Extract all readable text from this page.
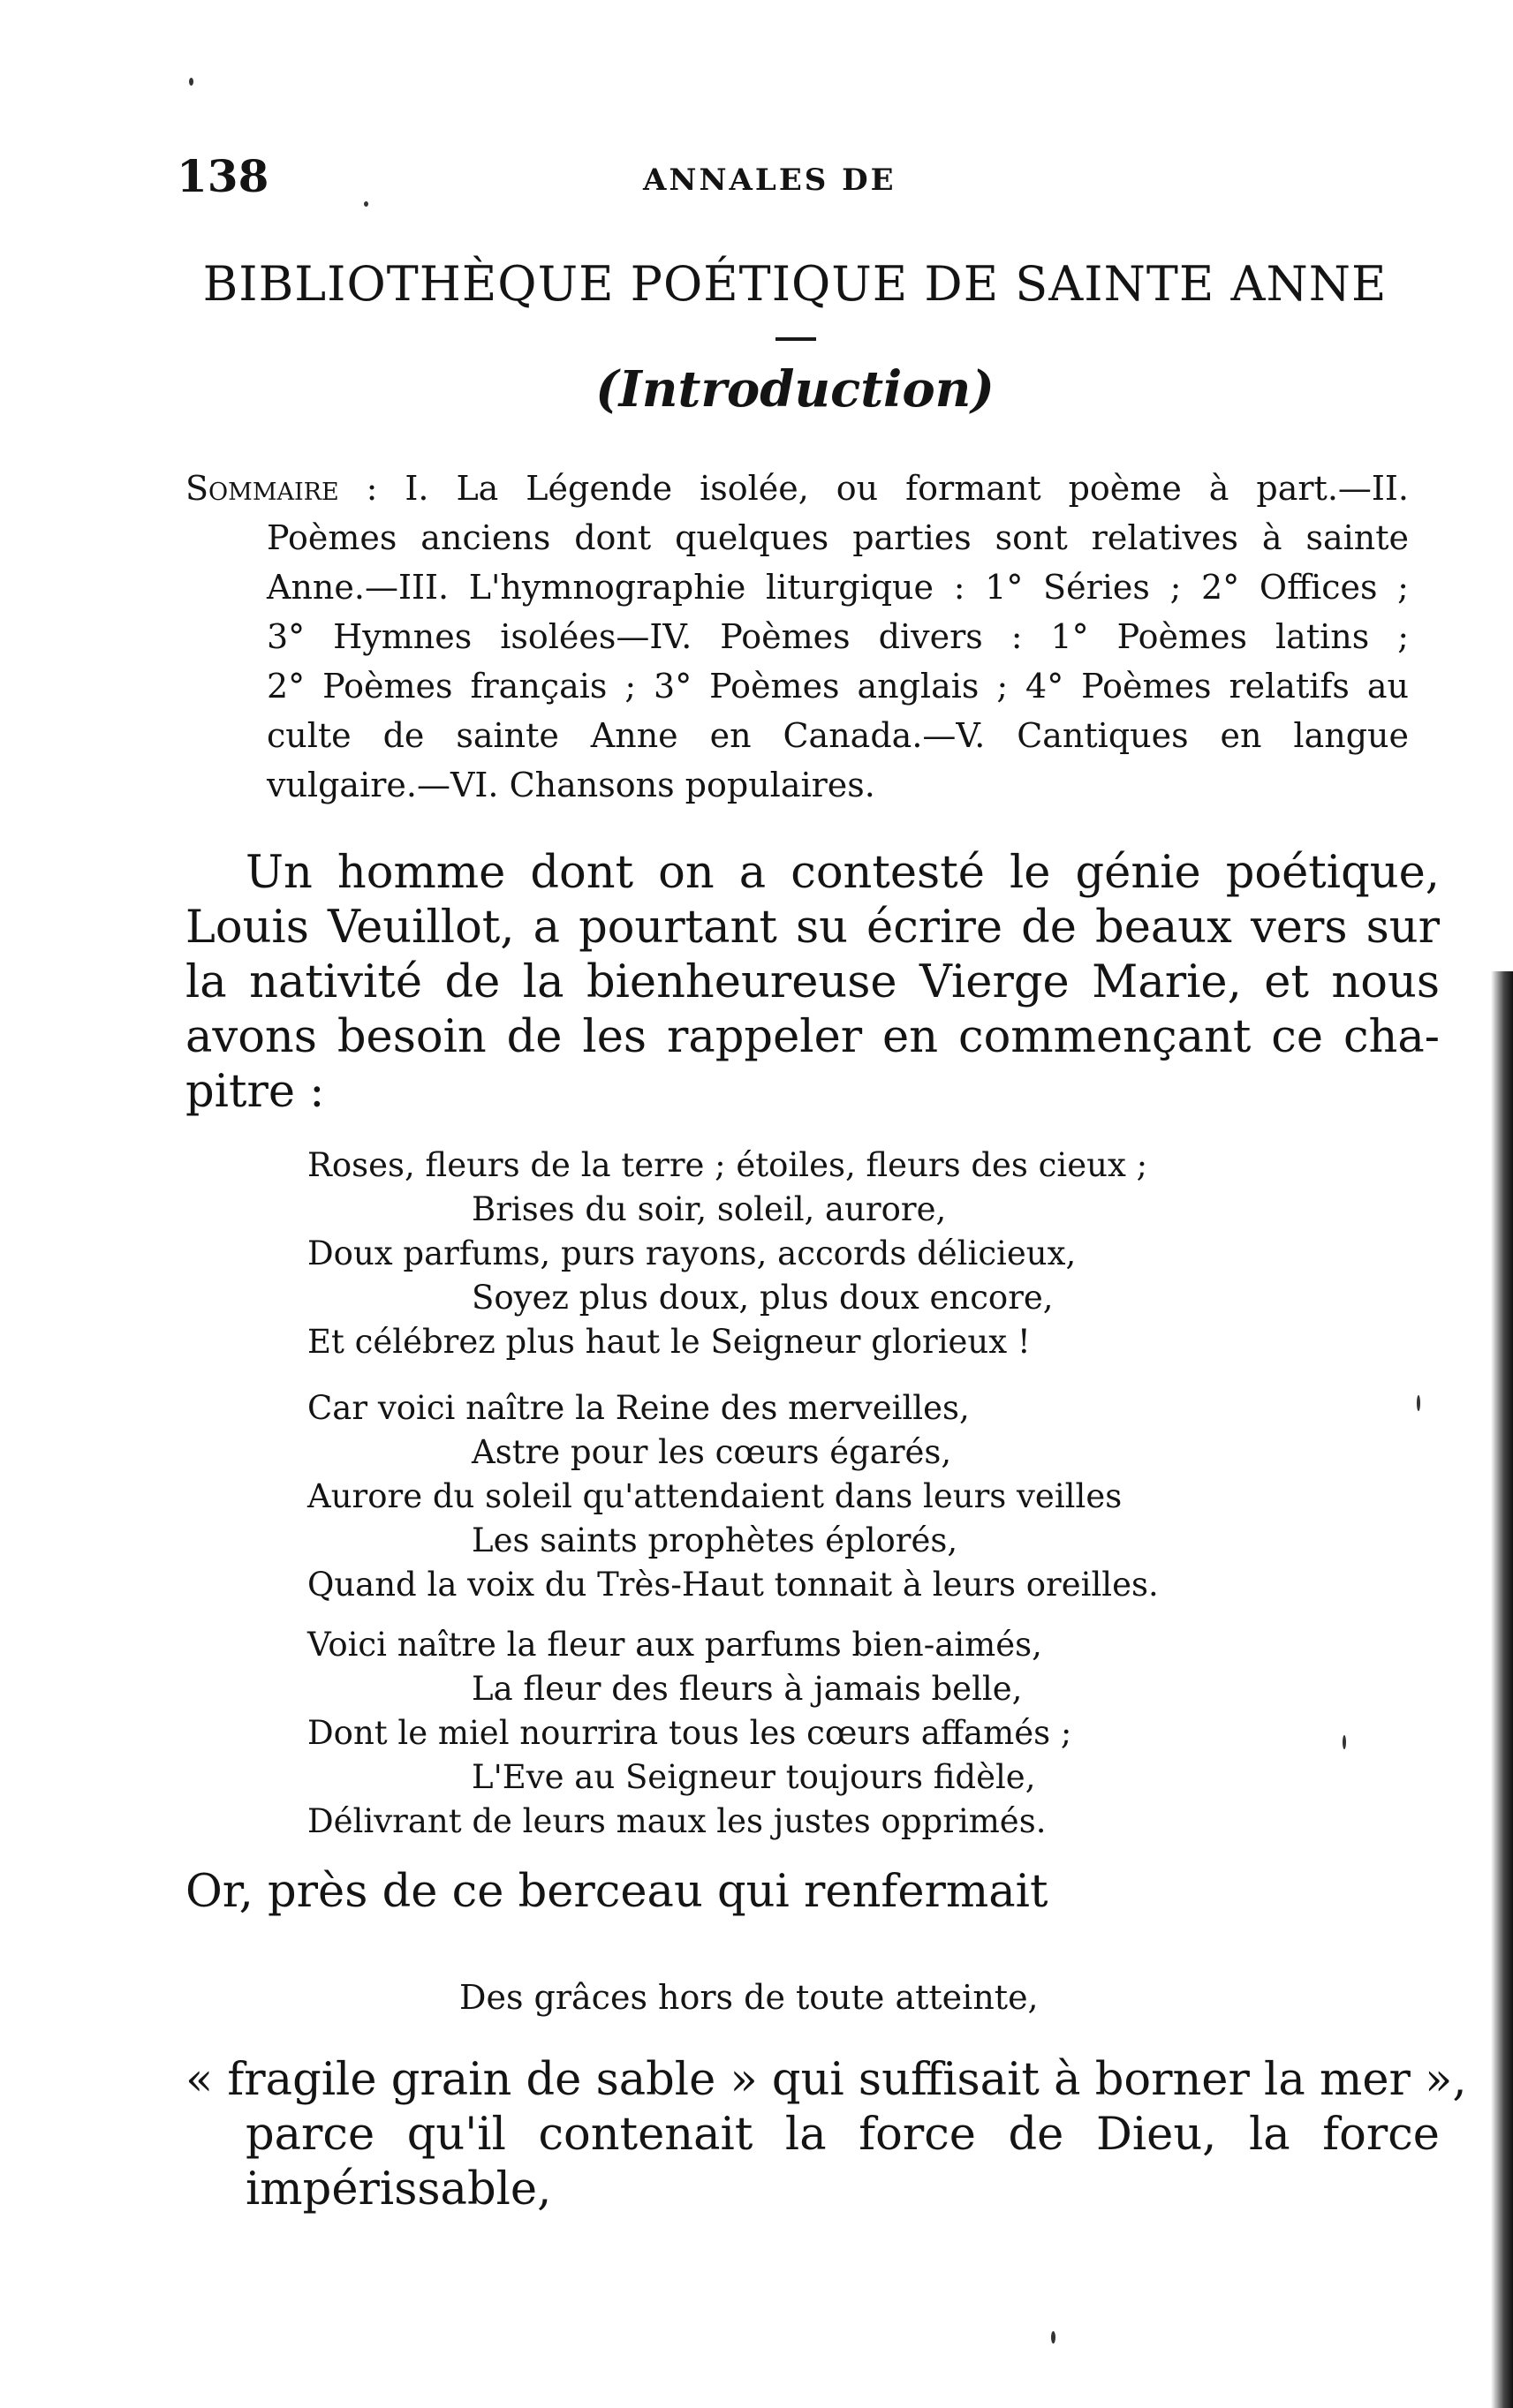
138	ANNALES DE
BIBLIOTHÈQUE POÉTIQUE DE SAINTE ANNE
(Introduction)
Sommaire : I. La Légende isolée, ou formant poème à part.—II.
Poèmes anciens dont quelques parties sont relatives à sainte
Anne.—III. L'hymnographie liturgique : 1° Séries ; 2° Offices ;
3° Hymnes isolées—IV. Poèmes divers : 1° Poèmes latins ;
2° Poèmes français ; 3° Poèmes anglais ; 4° Poèmes relatifs au
culte de sainte Anne en Canada.—V. Cantiques en langue
vulgaire.—VI. Chansons populaires.
Un homme dont on a contesté le génie poétique,
Louis Veuillot, a pourtant su écrire de beaux vers sur
la nativité de la bienheureuse Vierge Marie, et nous
avons besoin de les rappeler en commençant ce cha-
pitre :
Roses, fleurs de la terre ; étoiles, fleurs des cieux ;
Brises du soir, soleil, aurore,
Doux parfums, purs rayons, accords délicieux,
Soyez plus doux, plus doux encore,
Et célébrez plus haut le Seigneur glorieux !
Car voici naître la Reine des merveilles,
Astre pour les cœurs égarés,
Aurore du soleil qu'attendaient dans leurs veilles
Les saints prophètes éplorés,
Quand la voix du Très-Haut tonnait à leurs oreilles.
Voici naître la fleur aux parfums bien-aimés,
La fleur des fleurs à jamais belle,
Dont le miel nourrira tous les cœurs affamés ;
L'Eve au Seigneur toujours fidèle,
Délivrant de leurs maux les justes opprimés.
Or, près de ce berceau qui renfermait
Des grâces hors de toute atteinte,
« fragile grain de sable » qui suffisait à borner la mer »,
parce qu'il contenait la force de Dieu, la force
impérissable,
